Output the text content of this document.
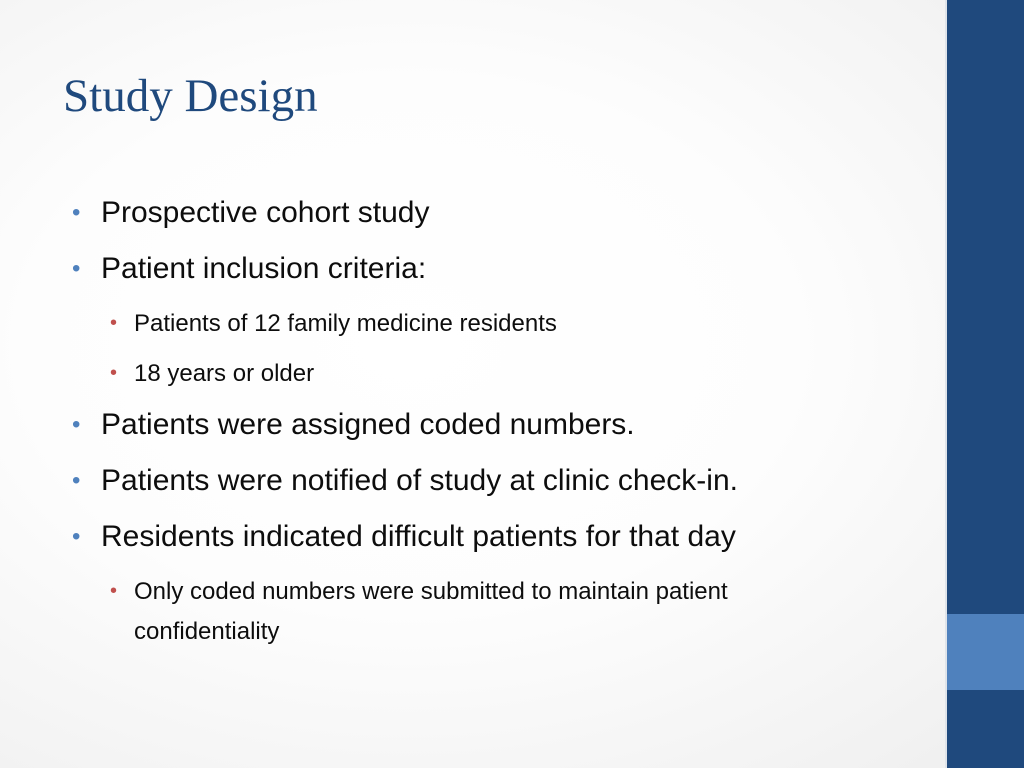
Study Design
• Prospective cohort study
• Patient inclusion criteria:
• Patients of 12 family medicine residents
• 18 years or older
• Patients were assigned coded numbers.
• Patients were notified of study at clinic check-in.
• Residents indicated difficult patients for that day
• Only coded numbers were submitted to maintain patient confidentiality
